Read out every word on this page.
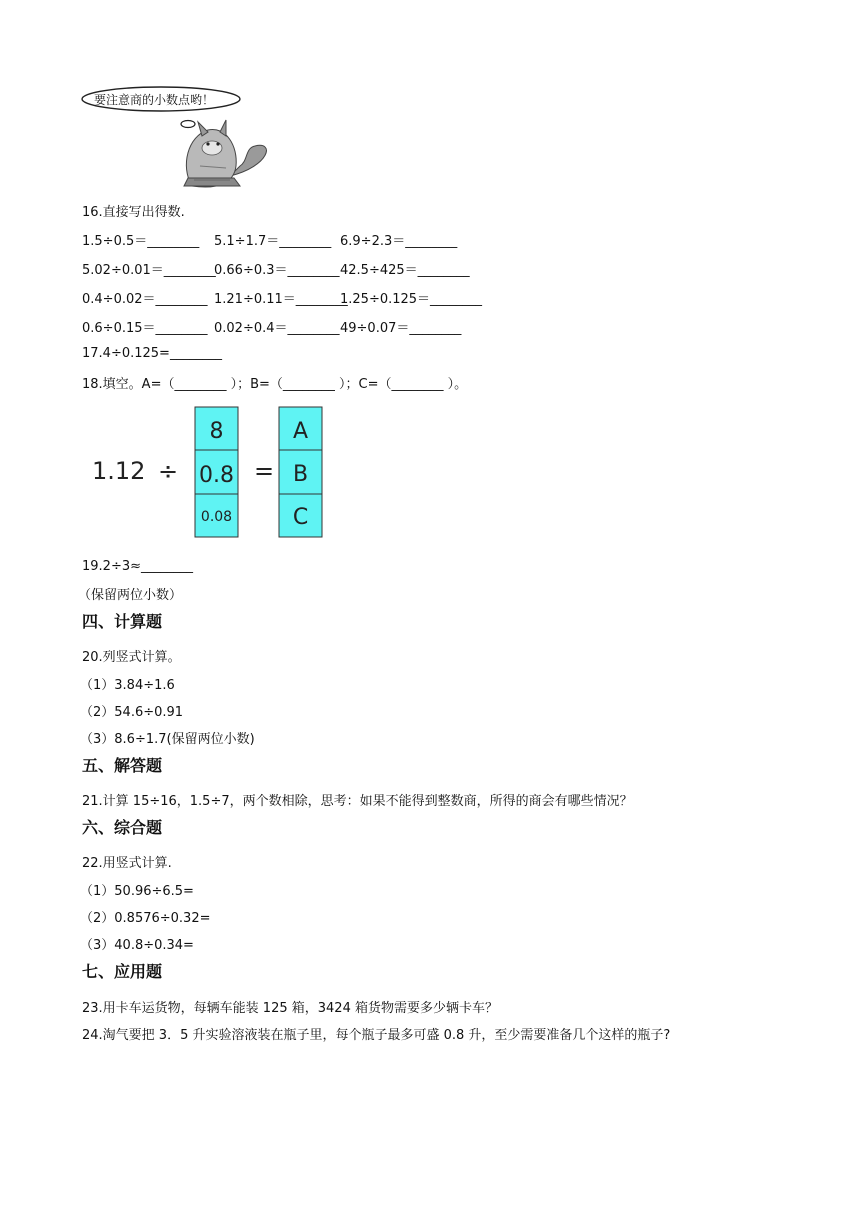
要注意商的小数点哟！
16.直接写出得数.
1.5÷0.5＝________ 5.1÷1.7＝________ 6.9÷2.3＝________
5.02÷0.01＝________0.66÷0.3＝________42.5÷425＝________
0.4÷0.02＝________ 1.21÷0.11＝________1.25÷0.125＝________
0.6÷0.15＝________ 0.02÷0.4＝________49÷0.07＝________
17.4÷0.125=________
18.填空。A=（________ ）；B=（________ ）；C=（________ ）。
1.12 ÷
8
0.8
0.08
=
A
B
C
19.2÷3≈________
（保留两位小数）
四、计算题
20.列竖式计算。
（1）3.84÷1.6
（2）54.6÷0.91
（3）8.6÷1.7(保留两位小数)
五、解答题
21.计算 15÷16，1.5÷7，两个数相除，思考：如果不能得到整数商，所得的商会有哪些情况？
六、综合题
22.用竖式计算.
（1）50.96÷6.5=
（2）0.8576÷0.32=
（3）40.8÷0.34=
七、应用题
23.用卡车运货物，每辆车能装 125 箱，3424 箱货物需要多少辆卡车？
24.淘气要把 3．5 升实验溶液装在瓶子里，每个瓶子最多可盛 0.8 升，至少需要准备几个这样的瓶子?
